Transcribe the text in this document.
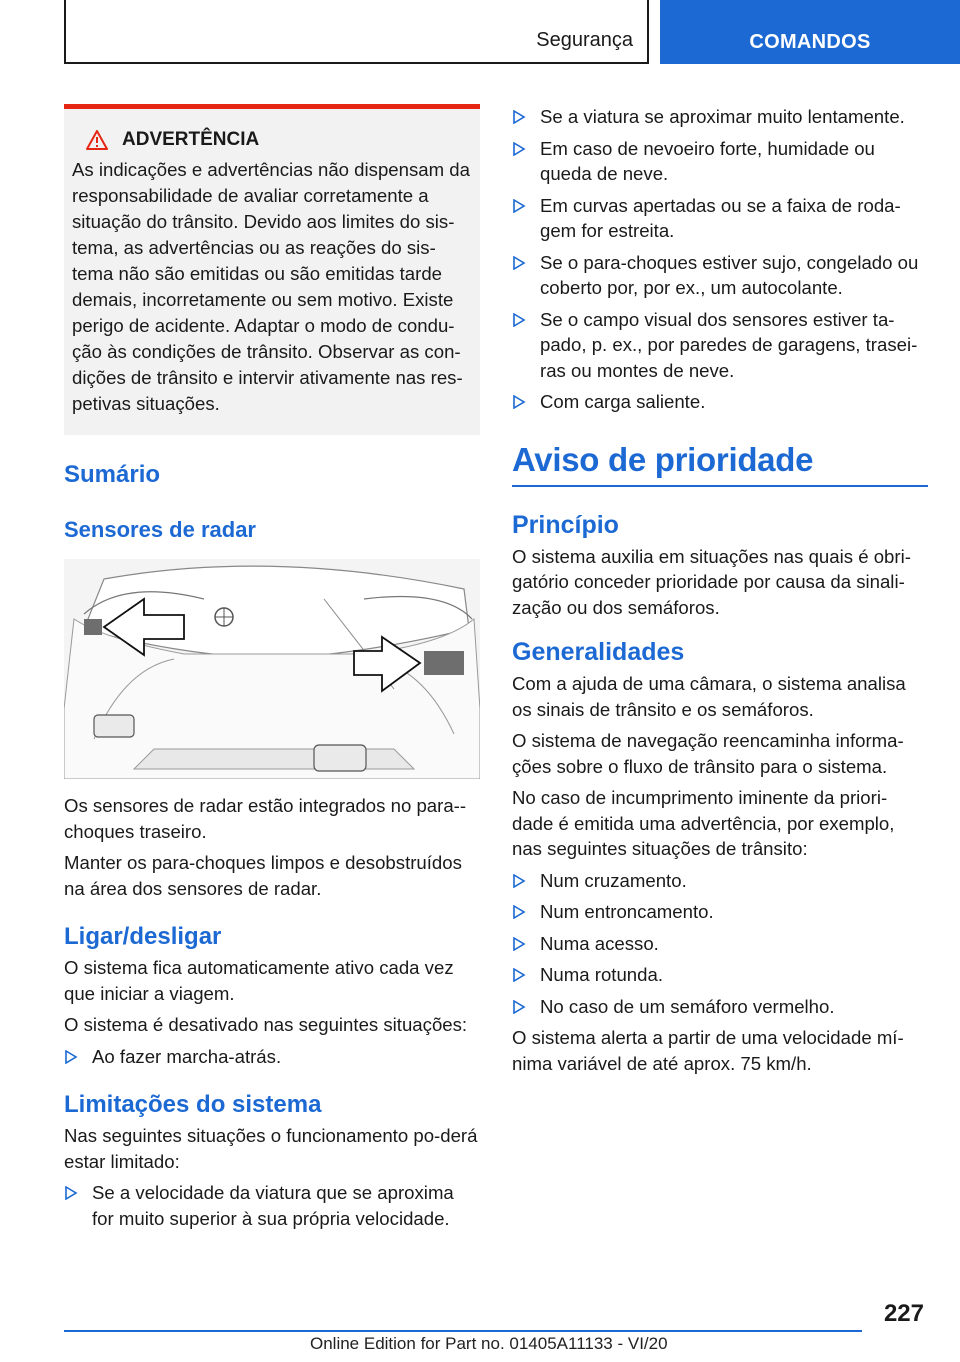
Segurança	COMANDOS
ADVERTÊNCIA
As indicações e advertências não dispensam da responsabilidade de avaliar corretamente a situação do trânsito. Devido aos limites do sis-tema, as advertências ou as reações do sis-tema não são emitidas ou são emitidas tarde demais, incorretamente ou sem motivo. Existe perigo de acidente. Adaptar o modo de condu-ção às condições de trânsito. Observar as con-dições de trânsito e intervir ativamente nas res-petivas situações.
Sumário
Sensores de radar

Os sensores de radar estão integrados no para--choques traseiro.

Manter os para-choques limpos e desobstruídos na área dos sensores de radar.

Ligar/desligar

O sistema fica automaticamente ativo cada vez que iniciar a viagem.

O sistema é desativado nas seguintes situações:

Ao fazer marcha-atrás.
Limitações do sistema

Nas seguintes situações o funcionamento po-derá estar limitado:

Se a velocidade da viatura que se aproxima for muito superior à sua própria velocidade.
Se a viatura se aproximar muito lentamente.
Em caso de nevoeiro forte, humidade ou queda de neve.
Em curvas apertadas ou se a faixa de roda-gem for estreita.
Se o para-choques estiver sujo, congelado ou coberto por, por ex., um autocolante.
Se o campo visual dos sensores estiver ta-pado, p. ex., por paredes de garagens, trasei-ras ou montes de neve.
Com carga saliente.
Aviso de prioridade
Princípio

O sistema auxilia em situações nas quais é obri-gatório conceder prioridade por causa da sinali-zação ou dos semáforos.

Generalidades

Com a ajuda de uma câmara, o sistema analisa os sinais de trânsito e os semáforos.

O sistema de navegação reencaminha informa-ções sobre o fluxo de trânsito para o sistema.

No caso de incumprimento iminente da priori-dade é emitida uma advertência, por exemplo, nas seguintes situações de trânsito:

Num cruzamento.
Num entroncamento.
Numa acesso.
Numa rotunda.
No caso de um semáforo vermelho.

O sistema alerta a partir de uma velocidade mí-nima variável de até aprox. 75 km/h.

227
Online Edition for Part no. 01405A11133 - VI/20
